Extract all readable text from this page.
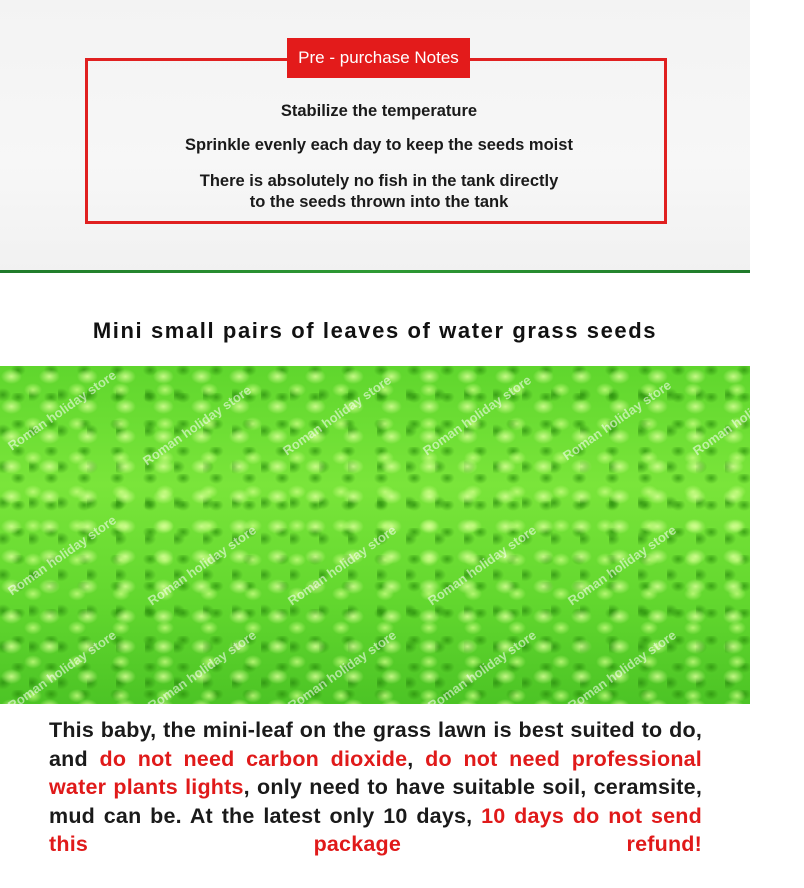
Pre - purchase Notes
Stabilize the temperature
Sprinkle evenly each day to keep the seeds moist
There is absolutely no fish in the tank directly
to the seeds thrown into the tank
Mini small pairs of leaves of water grass seeds
Roman holiday store Roman holiday store Roman holiday store Roman holiday store Roman holiday store Roman holiday store
Roman holiday store Roman holiday store Roman holiday store Roman holiday store Roman holiday store
Roman holiday store Roman holiday store Roman holiday store Roman holiday store Roman holiday store
This baby, the mini-leaf on the grass lawn is best suited to do, and do not need carbon dioxide, do not need professional water plants lights, only need to have suitable soil, ceramsite, mud can be. At the latest only 10 days, 10 days do not send this package refund!
